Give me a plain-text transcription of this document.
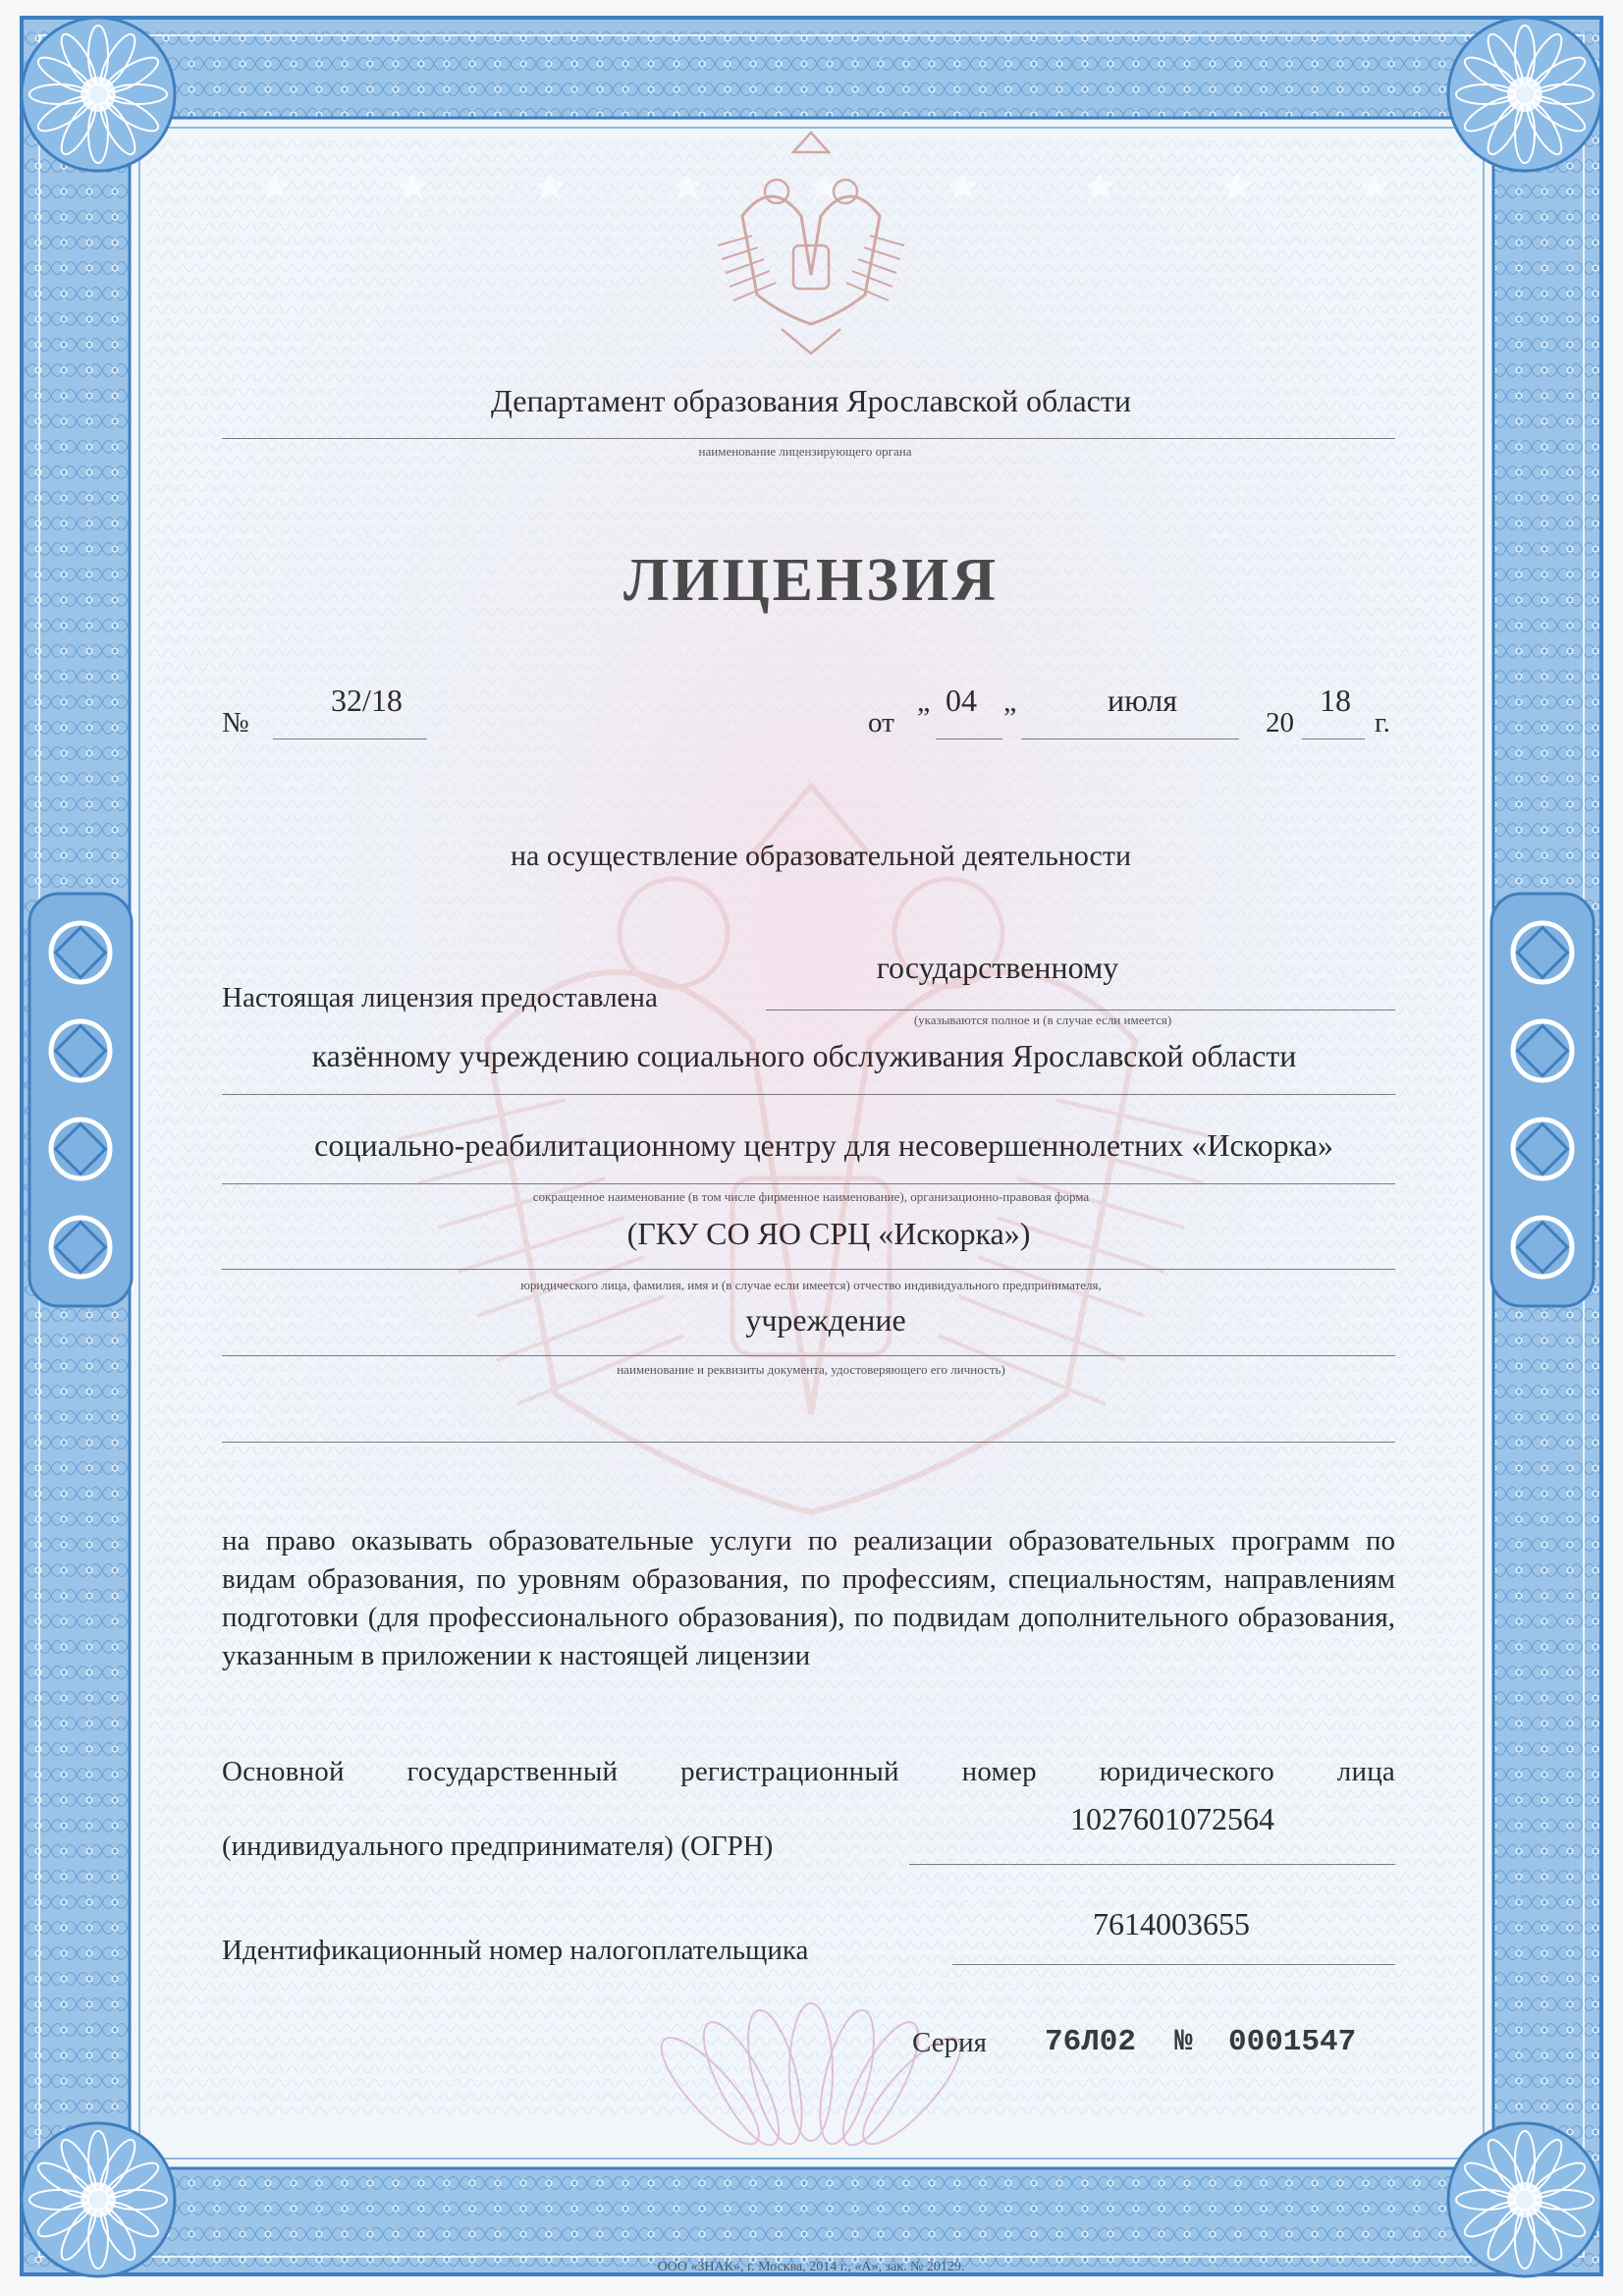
Департамент образования Ярославской области
наименование лицензирующего органа
ЛИЦЕНЗИЯ
№
32/18
от
„ 04 „	июля
20
18
г.
на осуществление образовательной деятельности
Настоящая лицензия предоставлена
государственному
(указываются полное и (в случае если имеется)
казённому учреждению социального обслуживания Ярославской области
социально-реабилитационному центру для несовершеннолетних «Искорка»
сокращенное наименование (в том числе фирменное наименование), организационно-правовая форма
(ГКУ СО ЯО СРЦ «Искорка»)
юридического лица, фамилия, имя и (в случае если имеется) отчество индивидуального предпринимателя,
учреждение
наименование и реквизиты документа, удостоверяющего его личность)
на право оказывать образовательные услуги по реализации образовательных программ по видам образования, по уровням образования, по профессиям, специальностям, направлениям подготовки (для профессионального образования), по подвидам дополнительного образования, указанным в приложении к настоящей лицензии
Основной государственный регистрационный номер юридического лица
(индивидуального предпринимателя) (ОГРН)
1027601072564
Идентификационный номер налогоплательщика
7614003655
Серия 76Л02 № 0001547
ООО «ЗНАК», г. Москва, 2014 г., «А», зак. № 20129.
